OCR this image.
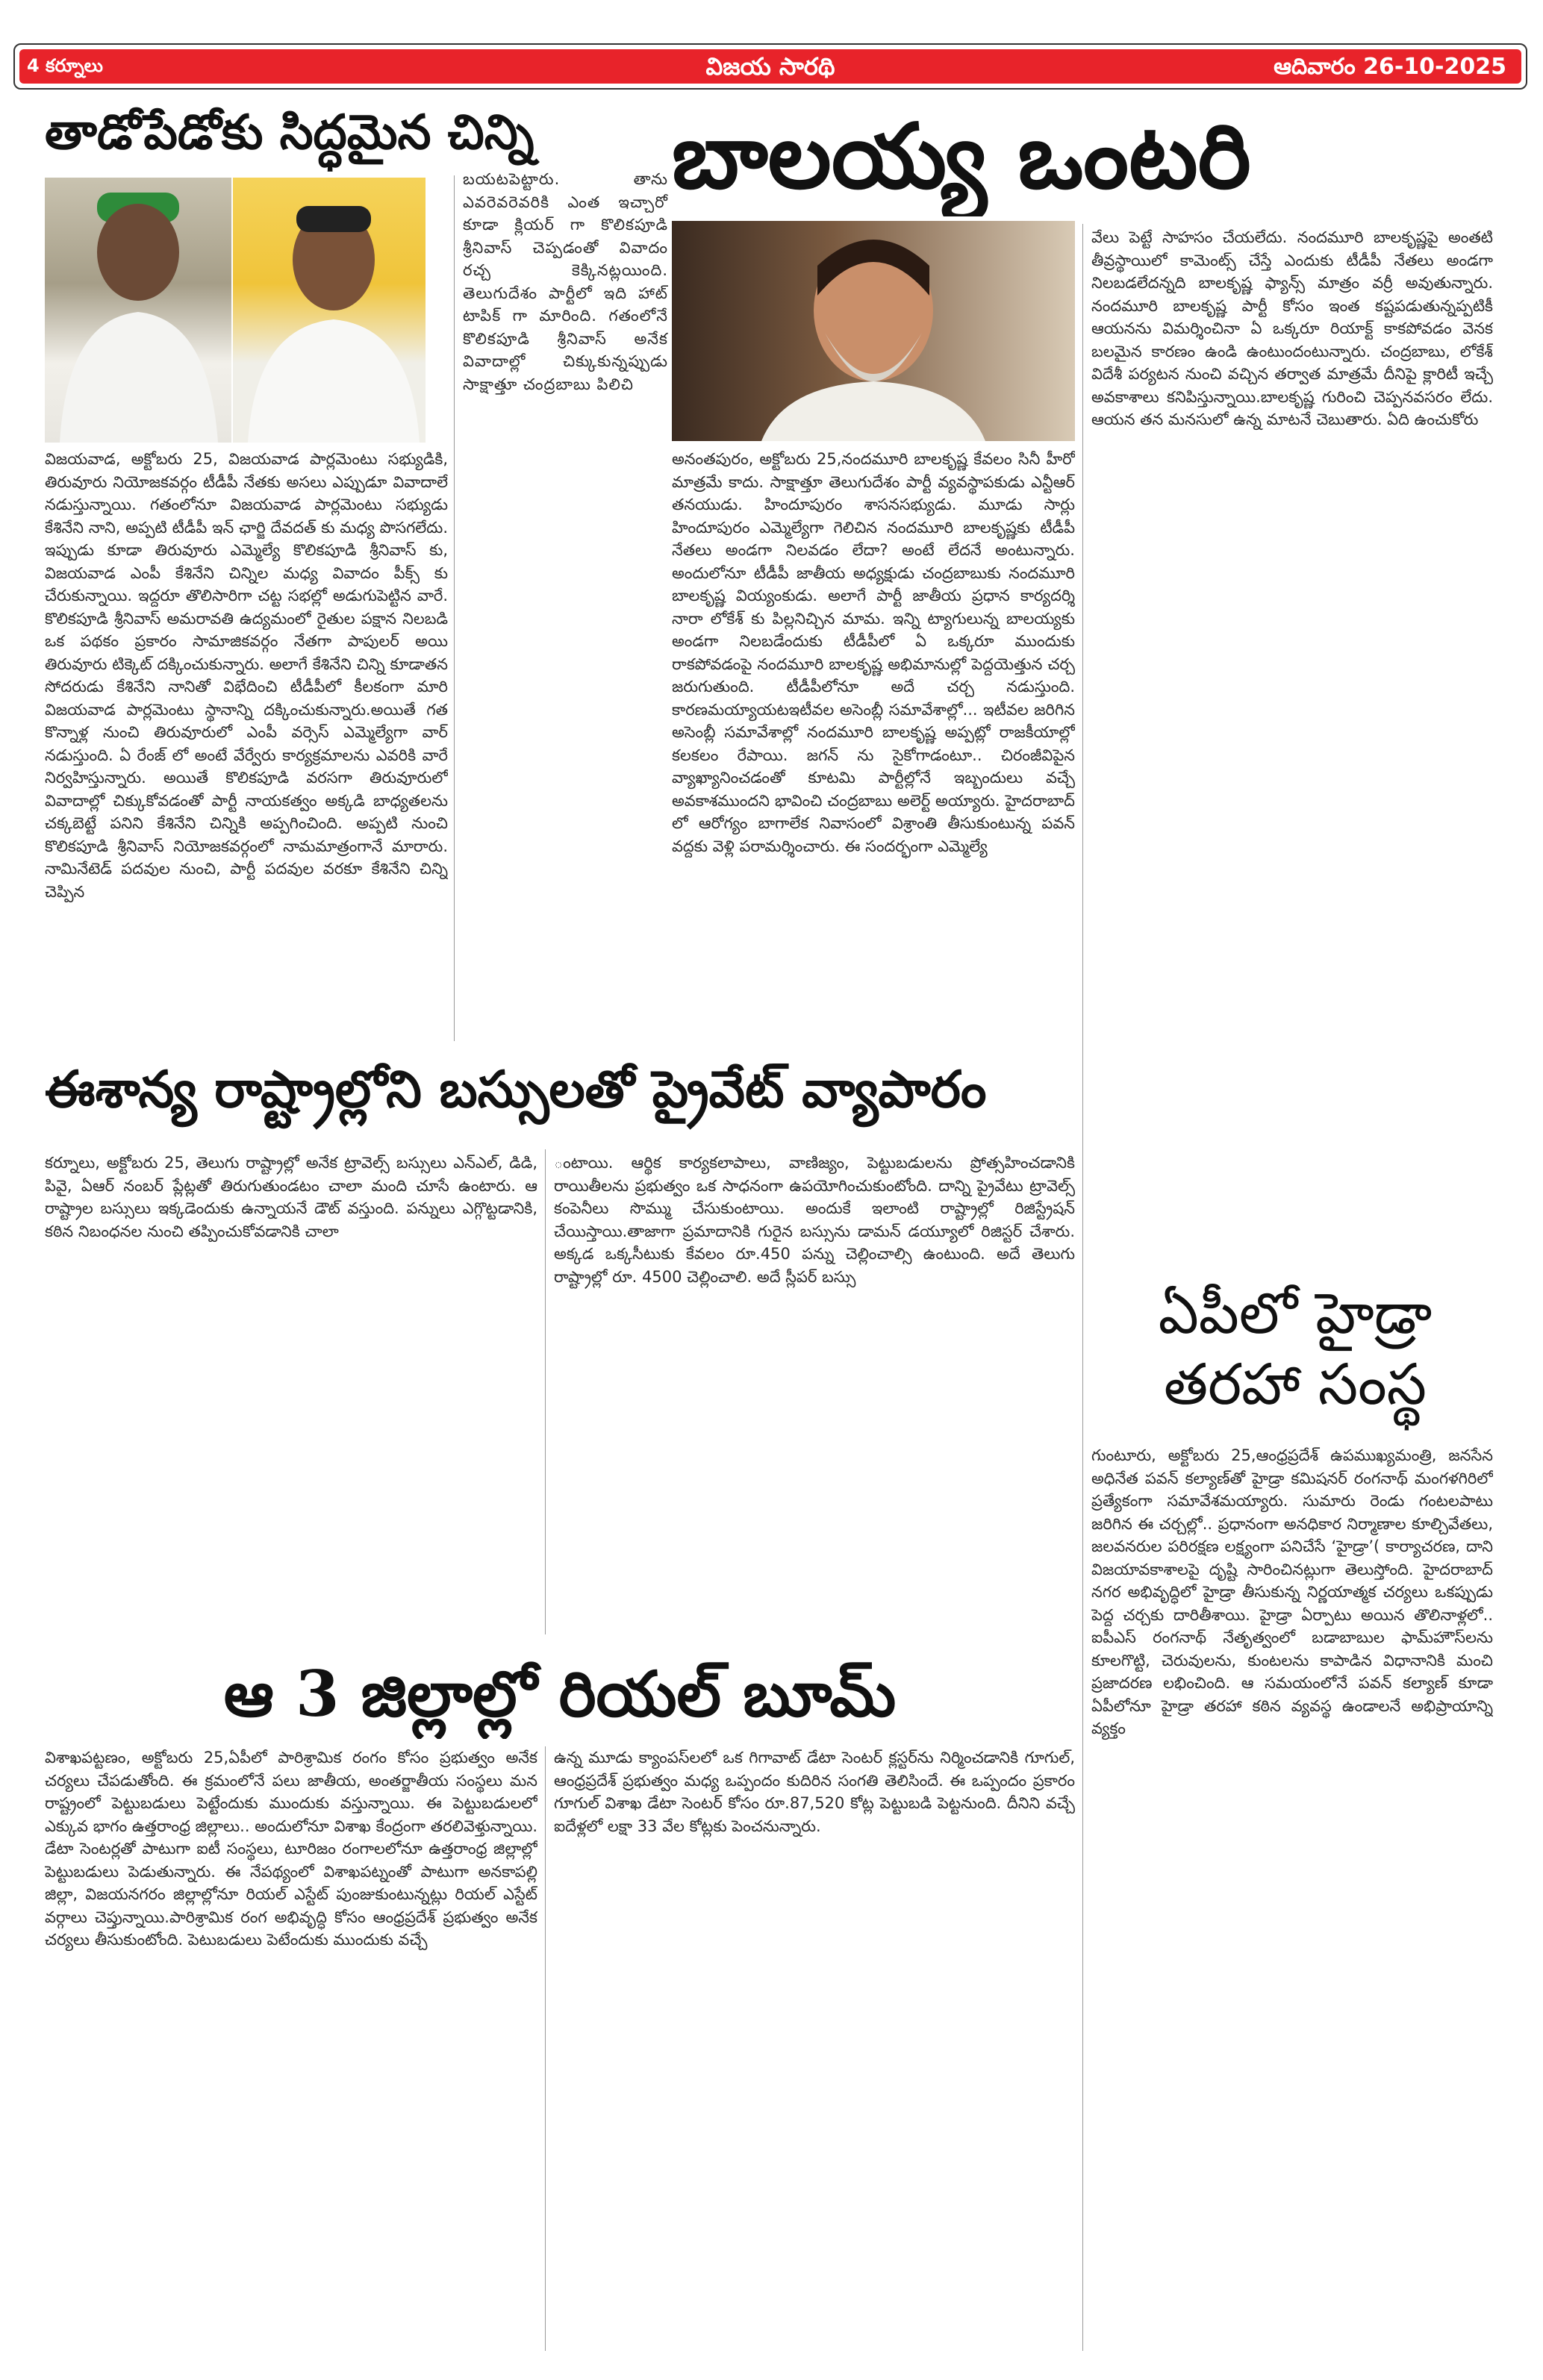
4 కర్నూలు	విజయ సారథి	ఆదివారం 26-10-2025
తాడోపేడోకు సిద్ధమైన చిన్ని
విజయవాడ, అక్టోబరు 25, విజయవాడ పార్లమెంటు సభ్యుడికి, తిరువూరు నియోజకవర్గం టీడీపీ నేతకు అసలు ఎప్పుడూ వివాదాలే నడుస్తున్నాయి. గతంలోనూ విజయవాడ పార్లమెంటు సభ్యుడు కేశినేని నాని, అప్పటి టీడీపీ ఇన్ ఛార్జి దేవదత్ కు మధ్య పొసగలేదు. ఇప్పుడు కూడా తిరువూరు ఎమ్మెల్యే కొలికపూడి శ్రీనివాస్ కు, విజయవాడ ఎంపీ కేశినేని చిన్నిల మధ్య వివాదం పీక్స్ కు చేరుకున్నాయి. ఇద్దరూ తొలిసారిగా చట్ట సభల్లో అడుగుపెట్టిన వారే. కొలికపూడి శ్రీనివాస్ అమరావతి ఉద్యమంలో రైతుల పక్షాన నిలబడి ఒక పథకం ప్రకారం సామాజికవర్గం నేతగా పాపులర్ అయి తిరువూరు టిక్కెట్ దక్కించుకున్నారు. అలాగే కేశినేని చిన్ని కూడాతన సోదరుడు కేశినేని నానితో విభేదించి టీడీపీలో కీలకంగా మారి విజయవాడ పార్లమెంటు స్థానాన్ని దక్కించుకున్నారు.అయితే గత కొన్నాళ్ల నుంచి తిరువూరులో ఎంపీ వర్సెస్ ఎమ్మెల్యేగా వార్ నడుస్తుంది. ఏ రేంజ్ లో అంటే వేర్వేరు కార్యక్రమాలను ఎవరికి వారే నిర్వహిస్తున్నారు. అయితే కొలికపూడి వరసగా తిరువూరులో వివాదాల్లో చిక్కుకోవడంతో పార్టీ నాయకత్వం అక్కడి బాధ్యతలను చక్కబెట్టే పనిని కేశినేని చిన్నికి అప్పగించింది. అప్పటి నుంచి కొలికపూడి శ్రీనివాస్ నియోజకవర్గంలో నామమాత్రంగానే మారారు. నామినేటెడ్ పదవుల నుంచి, పార్టీ పదవుల వరకూ కేశినేని చిన్ని చెప్పిన
బయటపెట్టారు. తాను ఎవరెవరెవరికి ఎంత ఇచ్చారో కూడా క్లియర్ గా కొలికపూడి శ్రీనివాస్ చెప్పడంతో వివాదం రచ్చ కెక్కినట్లయింది. తెలుగుదేశం పార్టీలో ఇది హాట్ టాపిక్ గా మారింది. గతంలోనే కొలికపూడి శ్రీనివాస్ అనేక వివాదాల్లో చిక్కుకున్నప్పుడు సాక్షాత్తూ చంద్రబాబు పిలిచి
బాలయ్య ఒంటరి
అనంతపురం, అక్టోబరు 25,నందమూరి బాలకృష్ణ కేవలం సినీ హీరో మాత్రమే కాదు. సాక్షాత్తూ తెలుగుదేశం పార్టీ వ్యవస్థాపకుడు ఎన్టీఆర్ తనయుడు. హిందూపురం శాసనసభ్యుడు. మూడు సార్లు హిందూపురం ఎమ్మెల్యేగా గెలిచిన నందమూరి బాలకృష్ణకు టీడీపీ నేతలు అండగా నిలవడం లేదా? అంటే లేదనే అంటున్నారు. అందులోనూ టీడీపీ జాతీయ అధ్యక్షుడు చంద్రబాబుకు నందమూరి బాలకృష్ణ వియ్యంకుడు. అలాగే పార్టీ జాతీయ ప్రధాన కార్యదర్శి నారా లోకేశ్ కు పిల్లనిచ్చిన మామ. ఇన్ని ట్యాగులున్న బాలయ్యకు అండగా నిలబడేందుకు టీడీపీలో ఏ ఒక్కరూ ముందుకు రాకపోవడంపై నందమూరి బాలకృష్ణ అభిమానుల్లో పెద్దయెత్తున చర్చ జరుగుతుంది. టీడీపీలోనూ అదే చర్చ నడుస్తుంది. కారణమయ్యాయటఇటీవల అసెంబ్లీ సమావేశాల్లో... ఇటీవల జరిగిన అసెంబ్లీ సమావేశాల్లో నందమూరి బాలకృష్ణ అప్పట్లో రాజకీయాల్లో కలకలం రేపాయి. జగన్ ను సైకోగాడంటూ.. చిరంజీవిపైన వ్యాఖ్యానించడంతో కూటమి పార్టీల్లోనే ఇబ్బందులు వచ్చే అవకాశముందని భావించి చంద్రబాబు అలెర్ట్ అయ్యారు. హైదరాబాద్ లో ఆరోగ్యం బాగాలేక నివాసంలో విశ్రాంతి తీసుకుంటున్న పవన్ వద్దకు వెళ్లి పరామర్శించారు. ఈ సందర్భంగా ఎమ్మెల్యే
వేలు పెట్టే సాహసం చేయలేదు. నందమూరి బాలకృష్ణపై అంతటి తీవ్రస్థాయిలో కామెంట్స్ చేస్తే ఎందుకు టీడీపీ నేతలు అండగా నిలబడలేదన్నది బాలకృష్ణ ఫ్యాన్స్ మాత్రం వర్రీ అవుతున్నారు. నందమూరి బాలకృష్ణ పార్టీ కోసం ఇంత కష్టపడుతున్నప్పటికీ ఆయనను విమర్శించినా ఏ ఒక్కరూ రియాక్ట్ కాకపోవడం వెనక బలమైన కారణం ఉండి ఉంటుందంటున్నారు. చంద్రబాబు, లోకేశ్ విదేశీ పర్యటన నుంచి వచ్చిన తర్వాత మాత్రమే దీనిపై క్లారిటీ ఇచ్చే అవకాశాలు కనిపిస్తున్నాయి.బాలకృష్ణ గురించి చెప్పనవసరం లేదు. ఆయన తన మనసులో ఉన్న మాటనే చెబుతారు. ఏది ఉంచుకోరు
ఈశాన్య రాష్ట్రాల్లోని బస్సులతో ప్రైవేట్ వ్యాపారం
కర్నూలు, అక్టోబరు 25, తెలుగు రాష్ట్రాల్లో అనేక ట్రావెల్స్ బస్సులు ఎన్ఎల్, డిడి, పివై, ఏఆర్ నంబర్ ప్లేట్లతో తిరుగుతుండటం చాలా మంది చూసే ఉంటారు. ఆ రాష్ట్రాల బస్సులు ఇక్కడెందుకు ఉన్నాయనే డౌట్ వస్తుంది. పన్నులు ఎగ్గొట్టడానికి, కఠిన నిబంధనల నుంచి తప్పించుకోవడానికి చాలా
ంటాయి. ఆర్థిక కార్యకలాపాలు, వాణిజ్యం, పెట్టుబడులను ప్రోత్సహించడానికి రాయితీలను ప్రభుత్వం ఒక సాధనంగా ఉపయోగించుకుంటోంది. దాన్ని ప్రైవేటు ట్రావెల్స్ కంపెనీలు సొమ్ము చేసుకుంటాయి. అందుకే ఇలాంటి రాష్ట్రాల్లో రిజిస్ట్రేషన్ చేయిస్తాయి.తాజాగా ప్రమాదానికి గురైన బస్సును డామన్ డయ్యూలో రిజిస్టర్ చేశారు. అక్కడ ఒక్కసీటుకు కేవలం రూ.450 పన్ను చెల్లించాల్సి ఉంటుంది. అదే తెలుగు రాష్ట్రాల్లో రూ. 4500 చెల్లించాలి. అదే స్లీపర్ బస్సు
ఏపీలో హైడ్రా
తరహా సంస్థ
గుంటూరు, అక్టోబరు 25,ఆంధ్రప్రదేశ్ ఉపముఖ్యమంత్రి, జనసేన అధినేత పవన్ కల్యాణ్‌తో హైడ్రా కమిషనర్ రంగనాథ్ మంగళగిరిలో ప్రత్యేకంగా సమావేశమయ్యారు. సుమారు రెండు గంటలపాటు జరిగిన ఈ చర్చల్లో.. ప్రధానంగా అనధికార నిర్మాణాల కూల్చివేతలు, జలవనరుల పరిరక్షణ లక్ష్యంగా పనిచేసే ‘హైడ్రా’( కార్యాచరణ, దాని విజయావకాశాలపై దృష్టి సారించినట్లుగా తెలుస్తోంది. హైదరాబాద్ నగర అభివృద్ధిలో హైడ్రా తీసుకున్న నిర్ణయాత్మక చర్యలు ఒకప్పుడు పెద్ద చర్చకు దారితీశాయి. హైడ్రా ఏర్పాటు అయిన తొలినాళ్లలో.. ఐపీఎస్ రంగనాథ్ నేతృత్వంలో బడాబాబుల ఫామ్‌హౌస్‌లను కూలగొట్టి, చెరువులను, కుంటలను కాపాడిన విధానానికి మంచి ప్రజాదరణ లభించింది. ఆ సమయంలోనే పవన్ కల్యాణ్ కూడా ఏపీలోనూ హైడ్రా తరహా కఠిన వ్యవస్థ ఉండాలనే అభిప్రాయాన్ని వ్యక్తం
ఆ 3 జిల్లాల్లో రియల్ బూమ్
విశాఖపట్టణం, అక్టోబరు 25,ఏపీలో పారిశ్రామిక రంగం కోసం ప్రభుత్వం అనేక చర్యలు చేపడుతోంది. ఈ క్రమంలోనే పలు జాతీయ, అంతర్జాతీయ సంస్థలు మన రాష్ట్రంలో పెట్టుబడులు పెట్టేందుకు ముందుకు వస్తున్నాయి. ఈ పెట్టుబడులలో ఎక్కువ భాగం ఉత్తరాంధ్ర జిల్లాలు.. అందులోనూ విశాఖ కేంద్రంగా తరలివెళ్తున్నాయి. డేటా సెంటర్లతో పాటుగా ఐటీ సంస్థలు, టూరిజం రంగాలలోనూ ఉత్తరాంధ్ర జిల్లాల్లో పెట్టుబడులు పెడుతున్నారు. ఈ నేపథ్యంలో విశాఖపట్నంతో పాటుగా అనకాపల్లి జిల్లా, విజయనగరం జిల్లాల్లోనూ రియల్ ఎస్టేట్ పుంజుకుంటున్నట్లు రియల్ ఎస్టేట్ వర్గాలు చెప్తున్నాయి.పారిశ్రామిక రంగ అభివృద్ధి కోసం ఆంధ్రప్రదేశ్ ప్రభుత్వం అనేక చర్యలు తీసుకుంటోంది. పెటుబడులు పెటేందుకు ముందుకు వచ్చే
ఉన్న మూడు క్యాంపస్‌లలో ఒక గిగావాట్ డేటా సెంటర్ క్లస్టర్‌ను నిర్మించడానికి గూగుల్, ఆంధ్రప్రదేశ్ ప్రభుత్వం మధ్య ఒప్పందం కుదిరిన సంగతి తెలిసిందే. ఈ ఒప్పందం ప్రకారం గూగుల్ విశాఖ డేటా సెంటర్ కోసం రూ.87,520 కోట్ల పెట్టుబడి పెట్టనుంది. దీనిని వచ్చే ఐదేళ్లలో లక్షా 33 వేల కోట్లకు పెంచనున్నారు.
